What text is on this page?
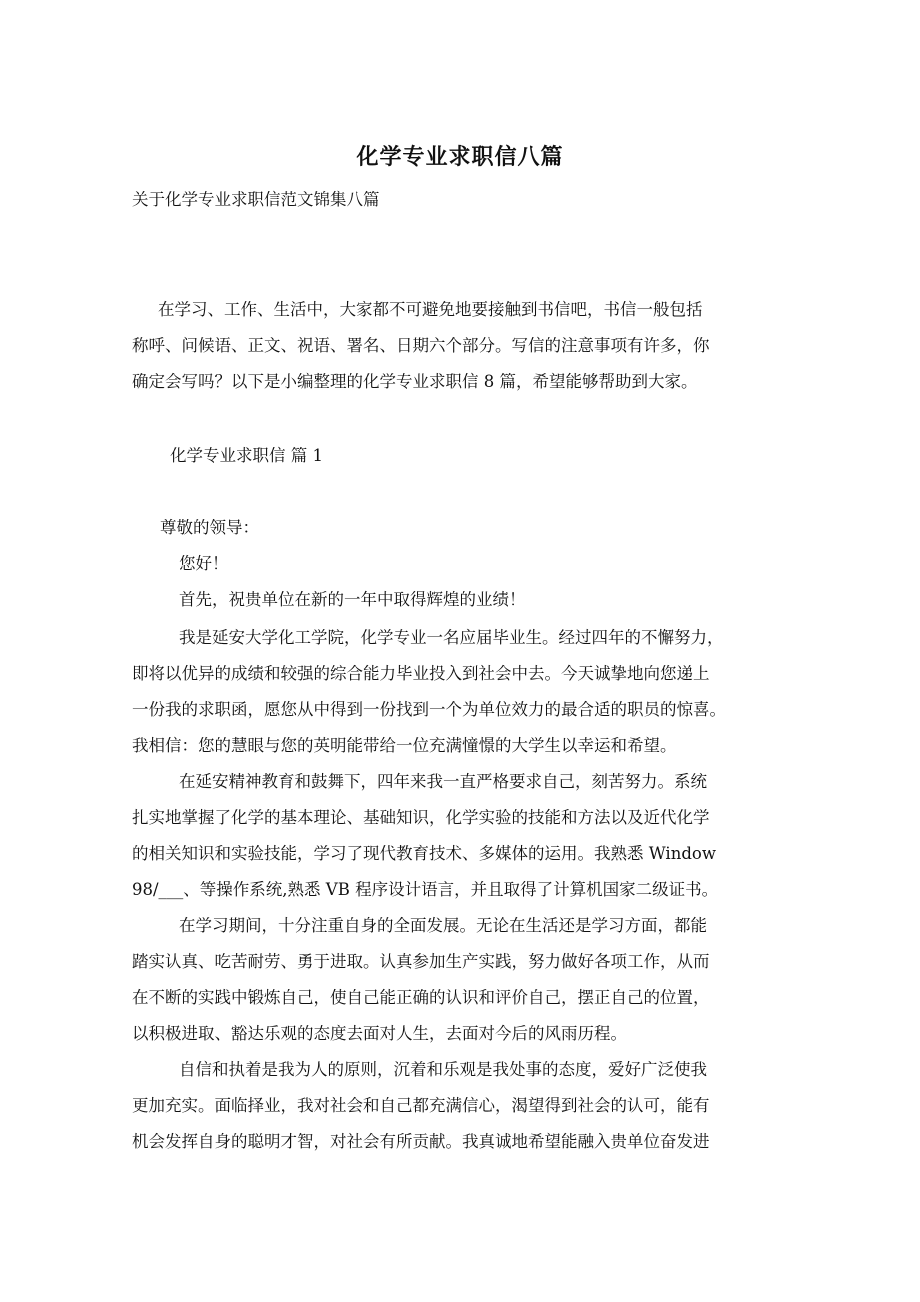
化学专业求职信八篇
关于化学专业求职信范文锦集八篇
在学习、工作、生活中，大家都不可避免地要接触到书信吧，书信一般包括
称呼、问候语、正文、祝语、署名、日期六个部分。写信的注意事项有许多，你
确定会写吗？以下是小编整理的化学专业求职信 8 篇，希望能够帮助到大家。
化学专业求职信 篇 1
尊敬的领导：
您好！
首先，祝贵单位在新的一年中取得辉煌的业绩！
我是延安大学化工学院，化学专业一名应届毕业生。经过四年的不懈努力，
即将以优异的成绩和较强的综合能力毕业投入到社会中去。今天诚挚地向您递上
一份我的求职函，愿您从中得到一份找到一个为单位效力的最合适的职员的惊喜。
我相信：您的慧眼与您的英明能带给一位充满憧憬的大学生以幸运和希望。
在延安精神教育和鼓舞下，四年来我一直严格要求自己，刻苦努力。系统
扎实地掌握了化学的基本理论、基础知识，化学实验的技能和方法以及近代化学
的相关知识和实验技能，学习了现代教育技术、多媒体的运用。我熟悉 Window
98/___、等操作系统,熟悉 VB 程序设计语言，并且取得了计算机国家二级证书。
在学习期间，十分注重自身的全面发展。无论在生活还是学习方面，都能
踏实认真、吃苦耐劳、勇于进取。认真参加生产实践，努力做好各项工作，从而
在不断的实践中锻炼自己，使自己能正确的认识和评价自己，摆正自己的位置，
以积极进取、豁达乐观的态度去面对人生，去面对今后的风雨历程。
自信和执着是我为人的原则，沉着和乐观是我处事的态度，爱好广泛使我
更加充实。面临择业，我对社会和自己都充满信心，渴望得到社会的认可，能有
机会发挥自身的聪明才智，对社会有所贡献。我真诚地希望能融入贵单位奋发进
